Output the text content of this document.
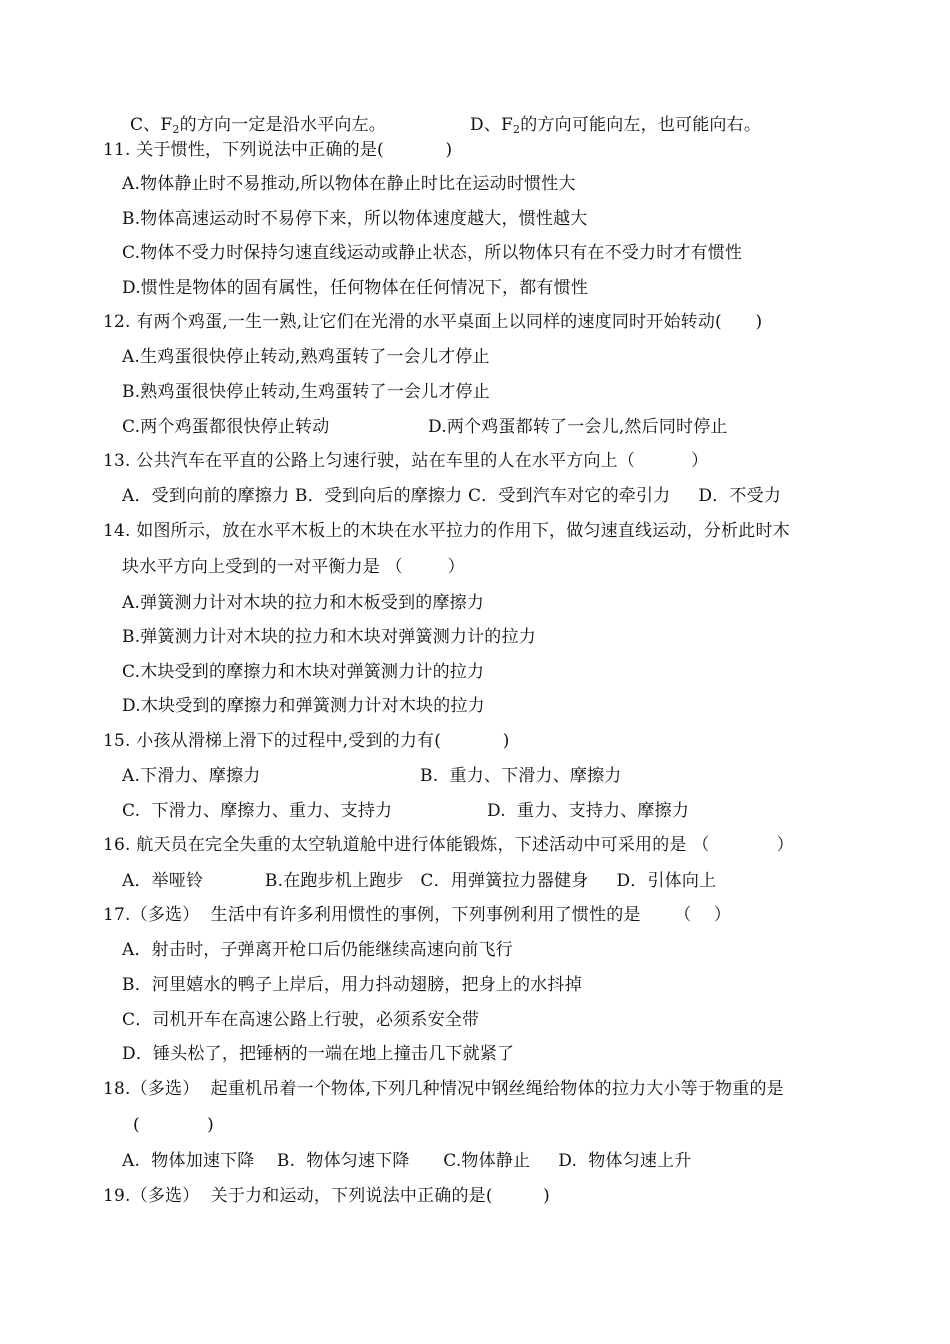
C、$F_2$的方向一定是沿水平向左。	D、$F_2$的方向可能向左，也可能向右。
11. 关于惯性，下列说法中正确的是(           )
A.物体静止时不易推动,所以物体在静止时比在运动时惯性大
B.物体高速运动时不易停下来，所以物体速度越大，惯性越大
C.物体不受力时保持匀速直线运动或静止状态，所以物体只有在不受力时才有惯性
D.惯性是物体的固有属性，任何物体在任何情况下，都有惯性
12. 有两个鸡蛋,一生一熟,让它们在光滑的水平桌面上以同样的速度同时开始转动(      )
A.生鸡蛋很快停止转动,熟鸡蛋转了一会儿才停止
B.熟鸡蛋很快停止转动,生鸡蛋转了一会儿才停止
C.两个鸡蛋都很快停止转动	D.两个鸡蛋都转了一会儿,然后同时停止
13. 公共汽车在平直的公路上匀速行驶，站在车里的人在水平方向上（          ）
A．受到向前的摩擦力 B．受到向后的摩擦力 C．受到汽车对它的牵引力     D．不受力
14. 如图所示，放在水平木板上的木块在水平拉力的作用下，做匀速直线运动，分析此时木
块水平方向上受到的一对平衡力是 （        ）
A.弹簧测力计对木块的拉力和木板受到的摩擦力
B.弹簧测力计对木块的拉力和木块对弹簧测力计的拉力
C.木块受到的摩擦力和木块对弹簧测力计的拉力
D.木块受到的摩擦力和弹簧测力计对木块的拉力
15. 小孩从滑梯上滑下的过程中,受到的力有(           )
A.下滑力、摩擦力	B.  重力、下滑力、摩擦力
C.  下滑力、摩擦力、重力、支持力	D.  重力、支持力、摩擦力
16. 航天员在完全失重的太空轨道舱中进行体能锻炼，下述活动中可采用的是 （            ）
A．举哑铃           B.在跑步机上跑步   C．用弹簧拉力器健身     D．引体向上
17.（多选）  生活中有许多利用惯性的事例，下列事例利用了惯性的是      （    ）
A．射击时，子弹离开枪口后仍能继续高速向前飞行
B．河里嬉水的鸭子上岸后，用力抖动翅膀，把身上的水抖掉
C．司机开车在高速公路上行驶，必须系安全带
D．锤头松了，把锤柄的一端在地上撞击几下就紧了
18.（多选）  起重机吊着一个物体,下列几种情况中钢丝绳给物体的拉力大小等于物重的是
(            )
A.  物体加速下降    B.  物体匀速下降      C.物体静止     D.  物体匀速上升
19.（多选）  关于力和运动，下列说法中正确的是(         )
